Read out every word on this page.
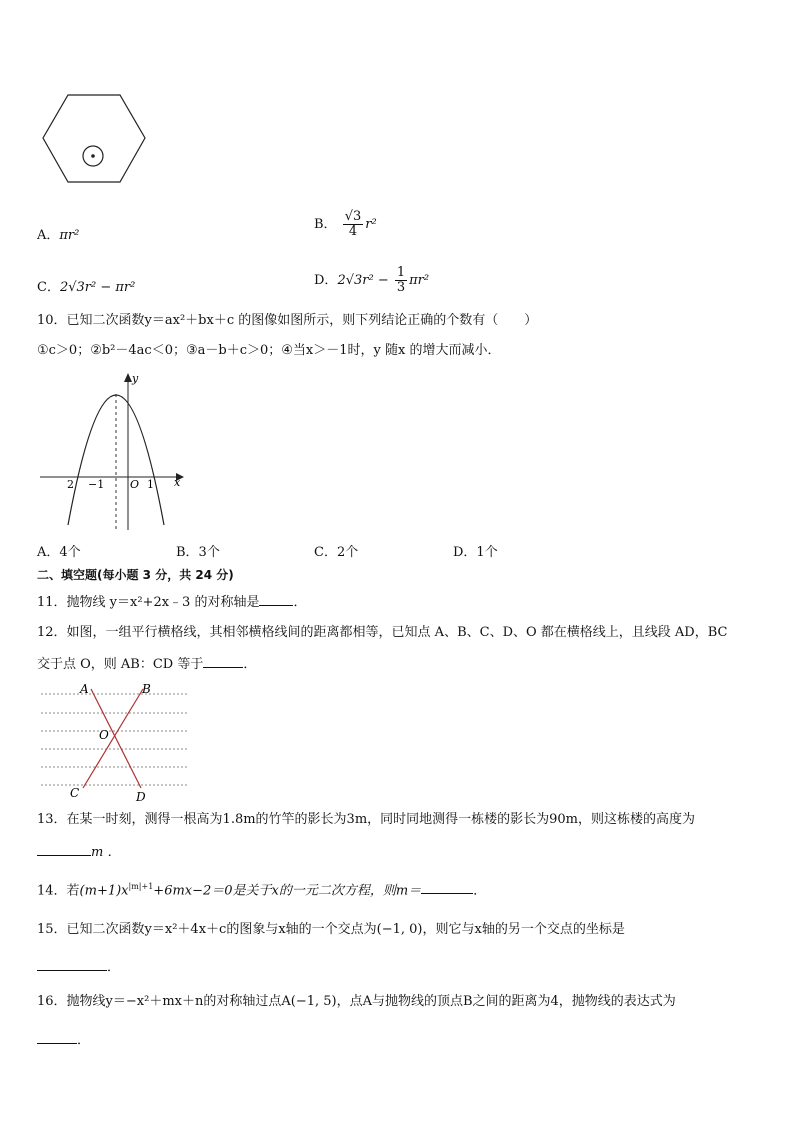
A．πr²
B． $\frac{√3}{4} r^2$
C．2√3r² − πr²	D．$2√3r^2 - \frac{1}{3} \pi r^2$
10．已知二次函数y＝ax²＋bx＋c 的图像如图所示，则下列结论正确的个数有（　　）
①c＞0；②b²－4ac＜0；③a－b＋c＞0；④当x＞－1时，y 随x 的增大而减小．
y
x
2 −1 O 1
A．4个	B．3个	C．2个	D．1个
二、填空题(每小题 3 分，共 24 分)
11．抛物线 y＝x²+2x﹣3 的对称轴是	．
12．如图，一组平行横格线，其相邻横格线间的距离都相等，已知点 A、B、C、D、O 都在横格线上，且线段 AD，BC
交于点 O，则 AB：CD 等于	．
A	B
O
C	D
13．在某一时刻，测得一根高为1.8m的竹竿的影长为3m，同时同地测得一栋楼的影长为90m，则这栋楼的高度为
m ．
14．若$(m+1)x^{|m|+1}+6mx-2=0$是关于x的一元二次方程，则m＝	．
15．已知二次函数y＝x²＋4x＋c的图象与x轴的一个交点为(−1, 0)，则它与x轴的另一个交点的坐标是
．
16．抛物线y＝−x²＋mx＋n的对称轴过点A(−1, 5)，点A与抛物线的顶点B之间的距离为4，抛物线的表达式为
．
